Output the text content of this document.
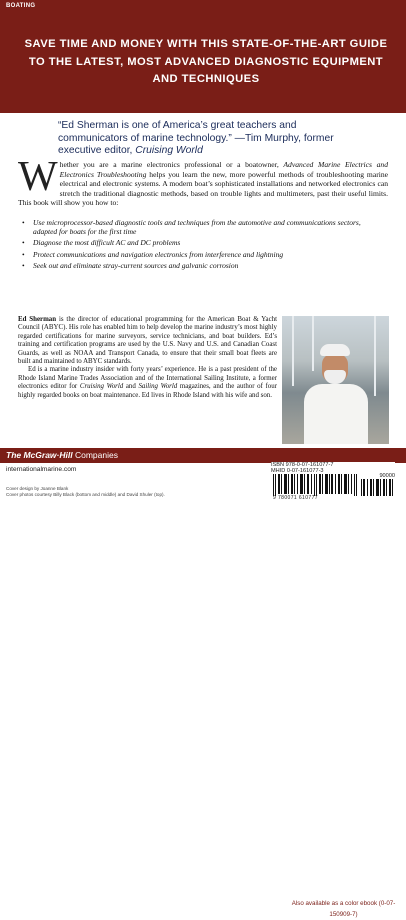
BOATING
SAVE TIME AND MONEY WITH THIS STATE-OF-THE-ART GUIDE TO THE LATEST, MOST ADVANCED DIAGNOSTIC EQUIPMENT AND TECHNIQUES
“Ed Sherman is one of America’s great teachers and communicators of marine technology.” —Tim Murphy, former executive editor, Cruising World
Whether you are a marine electronics professional or a boatowner, Advanced Marine Electrics and Electronics Troubleshooting helps you learn the new, more powerful methods of troubleshooting marine electrical and electronic systems. A modern boat’s sophisticated installations and networked electronics can stretch the traditional diagnostic methods, based on trouble lights and multimeters, past their useful limits. This book will show you how to:
• Use microprocessor-based diagnostic tools and techniques from the automotive and communications sectors, adapted for boats for the first time
• Diagnose the most difficult AC and DC problems
• Protect communications and navigation electronics from interference and lightning
• Seek out and eliminate stray-current sources and galvanic corrosion

Ed Sherman is the director of educational programming for the American Boat & Yacht Council (ABYC). His role has enabled him to help develop the marine industry’s most highly regarded certifications for marine surveyors, service technicians, and boat builders. Ed’s training and certification programs are used by the U.S. Navy and U.S. and Canadian Coast Guards, as well as NOAA and Transport Canada, to ensure that their small boat fleets are built and maintained to ABYC standards.

Ed is a marine industry insider with forty years’ experience. He is a past president of the Rhode Island Marine Trades Association and of the International Sailing Institute, a former electronics editor for Cruising World and Sailing World magazines, and the author of four highly regarded books on boat maintenance. Ed lives in Rhode Island with his wife and son.

The McGraw·Hill Companies
Also available as a color ebook (0-07-150909-7)
internationalmarine.com
Cover design by Joanne Blank
Cover photos courtesy Billy Black (bottom and middle) and David Shuler (top).
ISBN 978-0-07-161077-7
MHID 0-07-161077-3
90000
9 780071 610777
